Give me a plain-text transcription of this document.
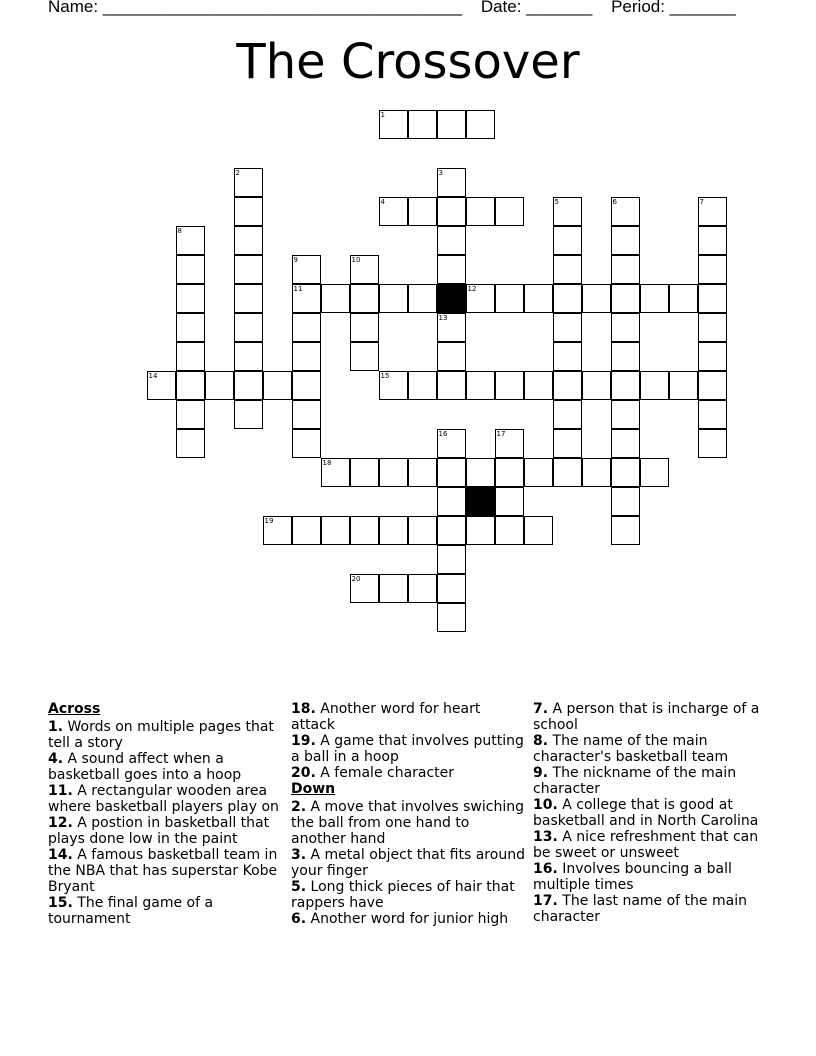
Name: ______________________________________ Date: _______ Period: _______
The Crossover
1
2	3
4	5	6	7
8
9	10
11	12
13
14	15
16	17
18
19
20
Across
1. Words on multiple pages that tell a story
4. A sound affect when a basketball goes into a hoop
11. A rectangular wooden area where basketball players play on
12. A postion in basketball that plays done low in the paint
14. A famous basketball team in the NBA that has superstar Kobe Bryant
15. The final game of a tournament
18. Another word for heart attack
19. A game that involves putting a ball in a hoop
20. A female character
Down
2. A move that involves swiching the ball from one hand to another hand
3. A metal object that fits around your finger
5. Long thick pieces of hair that rappers have
6. Another word for junior high
7. A person that is incharge of a school
8. The name of the main character's basketball team
9. The nickname of the main character
10. A college that is good at basketball and in North Carolina
13. A nice refreshment that can be sweet or unsweet
16. Involves bouncing a ball multiple times
17. The last name of the main character
